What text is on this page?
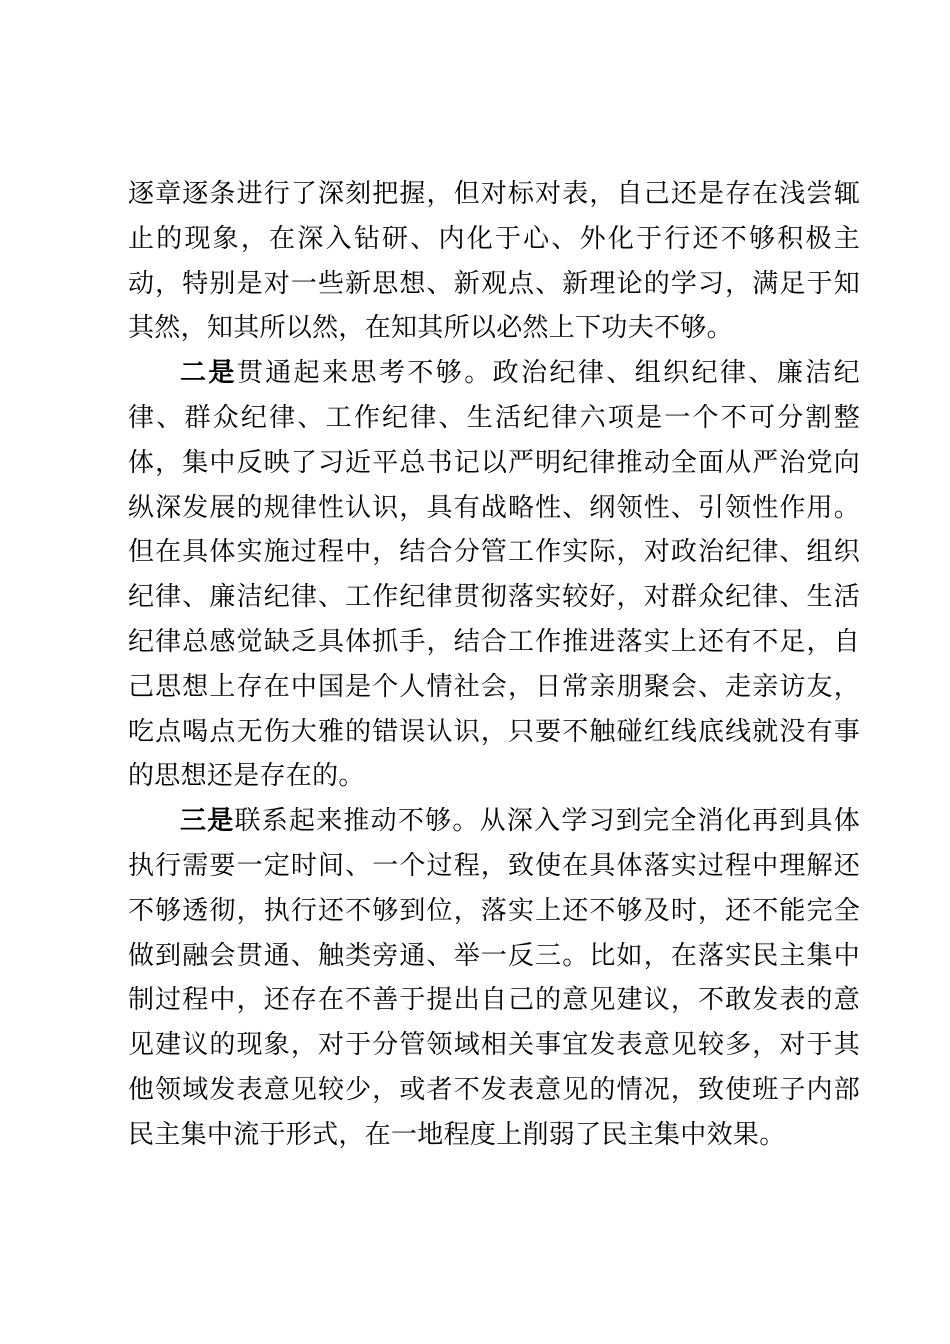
逐章逐条进行了深刻把握，但对标对表，自己还是存在浅尝辄止的现象，在深入钻研、内化于心、外化于行还不够积极主动，特别是对一些新思想、新观点、新理论的学习，满足于知其然，知其所以然，在知其所以必然上下功夫不够。

二是贯通起来思考不够。政治纪律、组织纪律、廉洁纪律、群众纪律、工作纪律、生活纪律六项是一个不可分割整体，集中反映了习近平总书记以严明纪律推动全面从严治党向纵深发展的规律性认识，具有战略性、纲领性、引领性作用。但在具体实施过程中，结合分管工作实际，对政治纪律、组织纪律、廉洁纪律、工作纪律贯彻落实较好，对群众纪律、生活纪律总感觉缺乏具体抓手，结合工作推进落实上还有不足，自己思想上存在中国是个人情社会，日常亲朋聚会、走亲访友，吃点喝点无伤大雅的错误认识，只要不触碰红线底线就没有事的思想还是存在的。

三是联系起来推动不够。从深入学习到完全消化再到具体执行需要一定时间、一个过程，致使在具体落实过程中理解还不够透彻，执行还不够到位，落实上还不够及时，还不能完全做到融会贯通、触类旁通、举一反三。比如，在落实民主集中制过程中，还存在不善于提出自己的意见建议，不敢发表的意见建议的现象，对于分管领域相关事宜发表意见较多，对于其他领域发表意见较少，或者不发表意见的情况，致使班子内部民主集中流于形式，在一地程度上削弱了民主集中效果。
